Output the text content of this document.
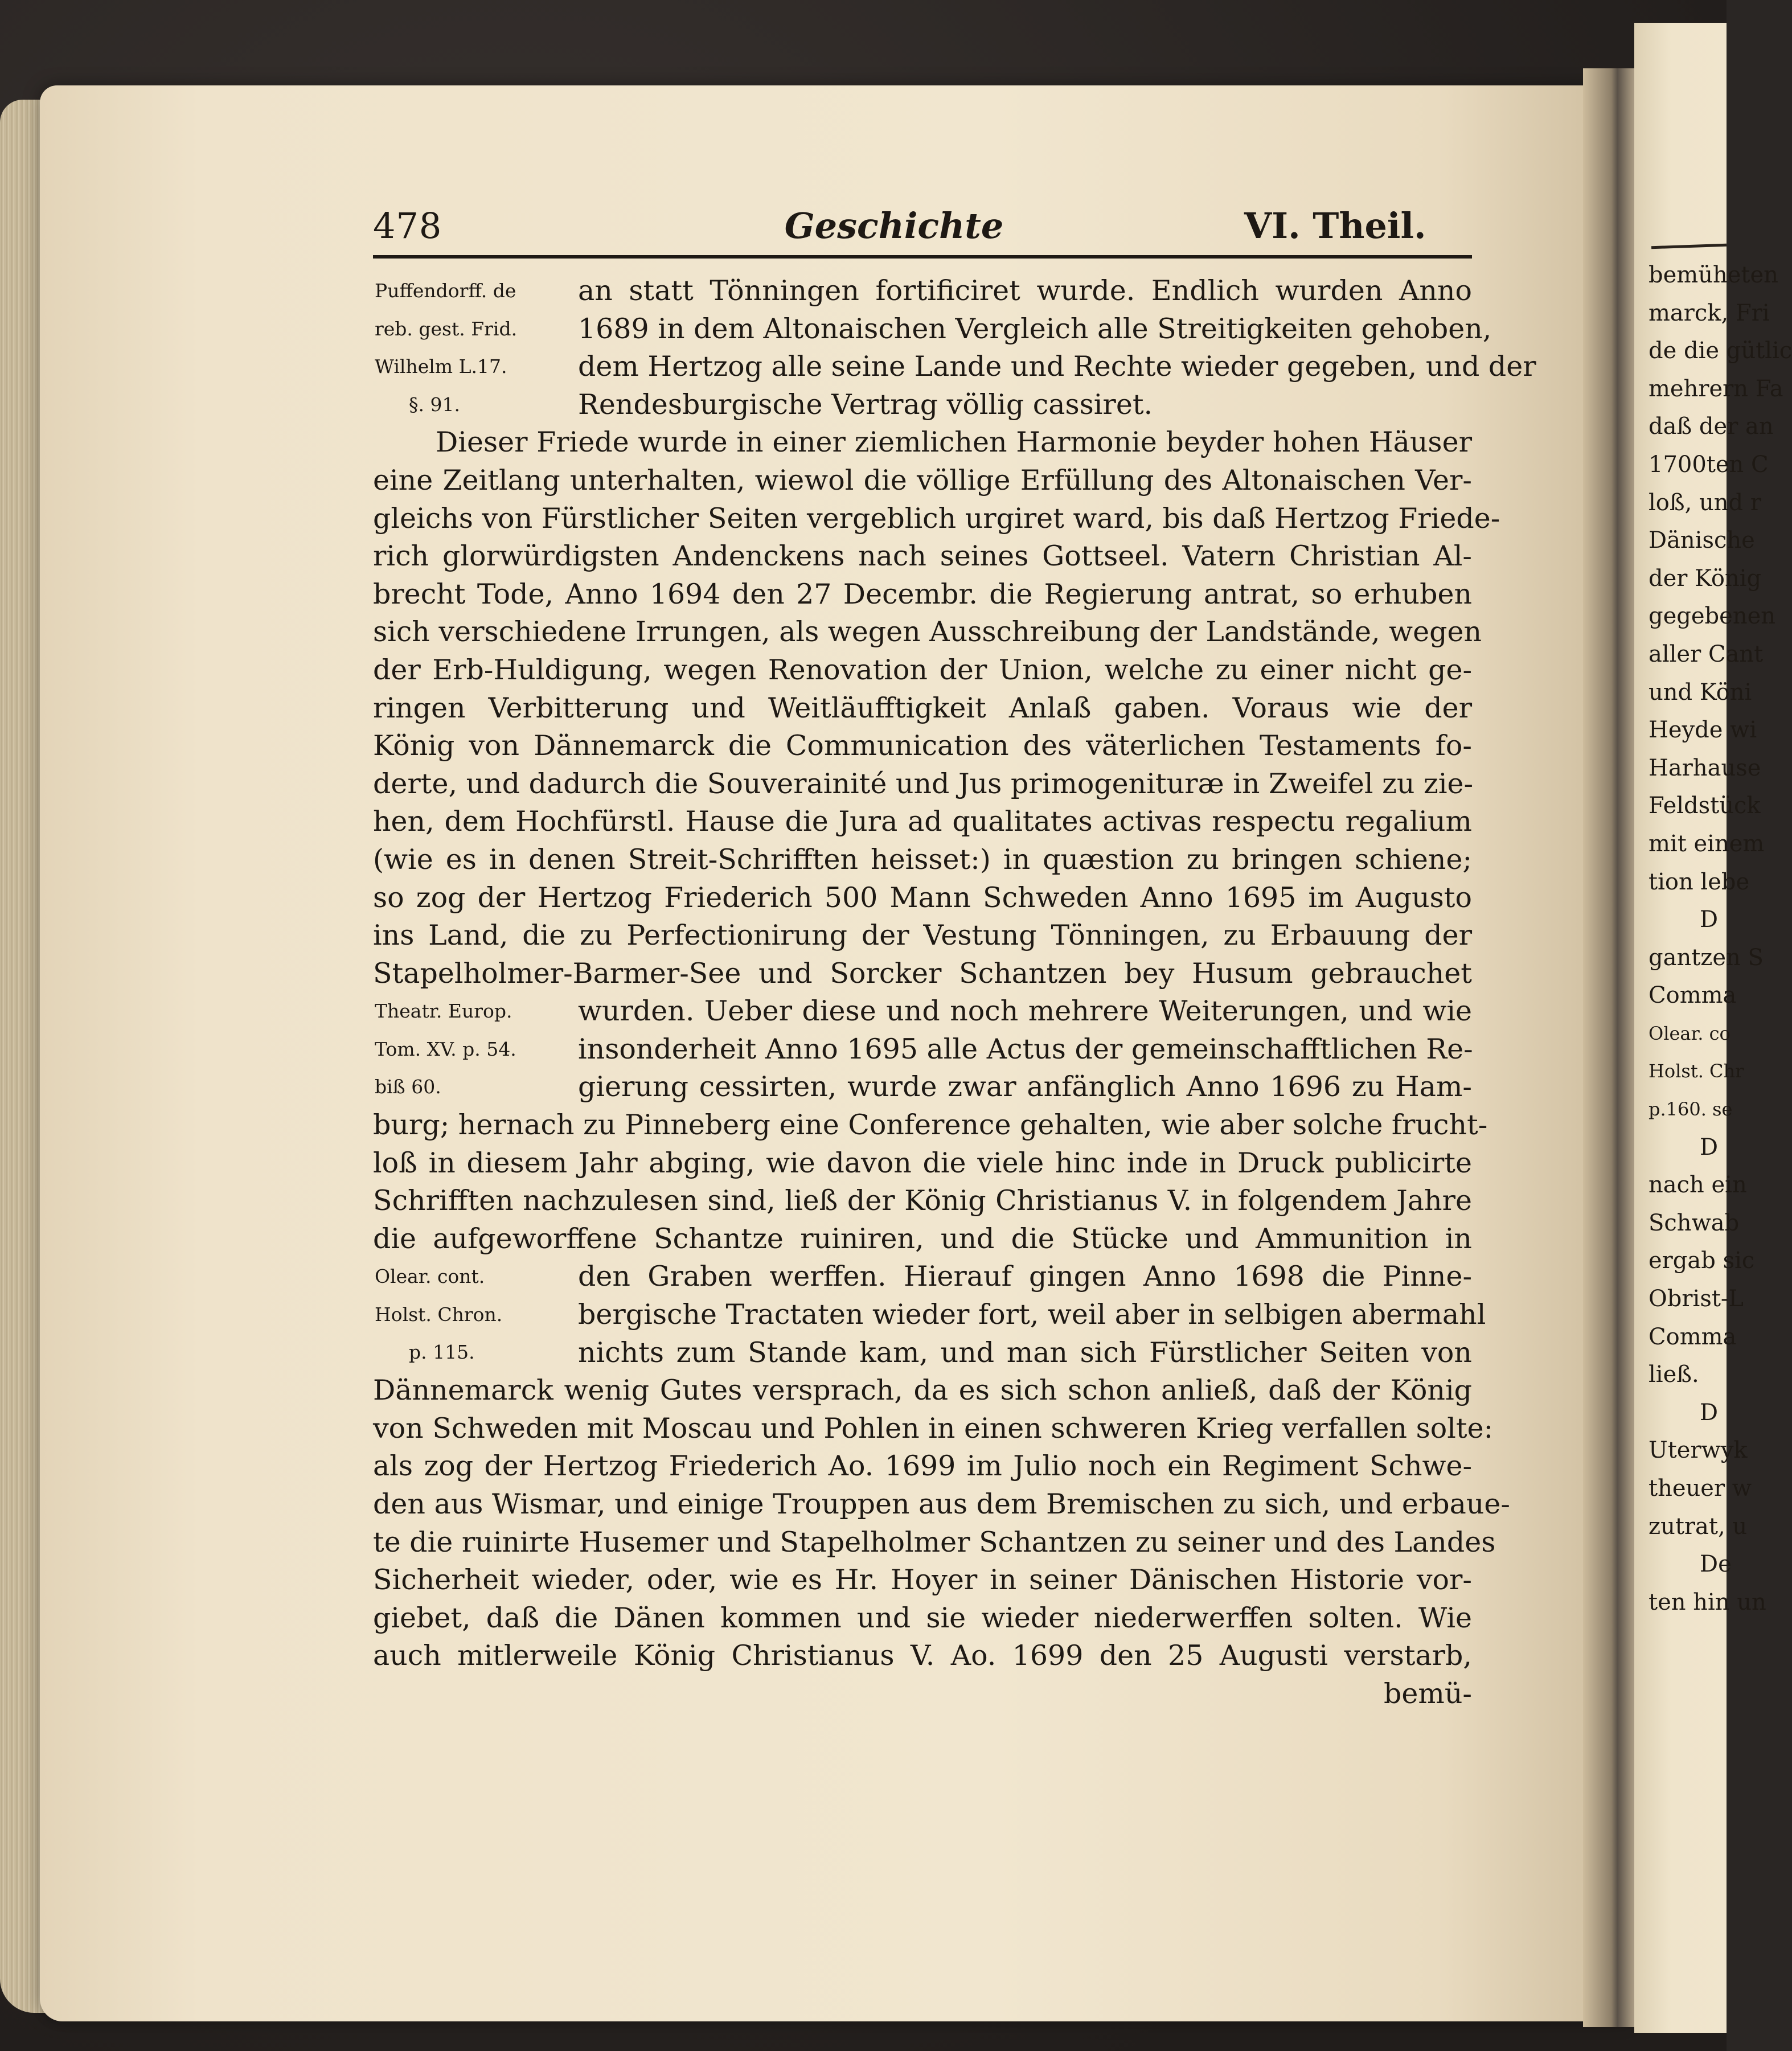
478	Geschichte	VI. Theil.
Puffendorff. de
reb. gest. Frid.
Wilhelm L.17.
§. 91.
Theatr. Europ.
Tom. XV. p. 54.
biß 60.
Olear. cont.
Holst. Chron.
p. 115.
an statt Tönningen fortificiret wurde. Endlich wurden Anno
1689 in dem Altonaischen Vergleich alle Streitigkeiten gehoben,
dem Hertzog alle seine Lande und Rechte wieder gegeben, und der
Rendesburgische Vertrag völlig cassiret.
Dieser Friede wurde in einer ziemlichen Harmonie beyder hohen Häuser
eine Zeitlang unterhalten, wiewol die völlige Erfüllung des Altonaischen Ver-
gleichs von Fürstlicher Seiten vergeblich urgiret ward, bis daß Hertzog Friede-
rich glorwürdigsten Andenckens nach seines Gottseel. Vatern Christian Al-
brecht Tode, Anno 1694 den 27 Decembr. die Regierung antrat, so erhuben
sich verschiedene Irrungen, als wegen Ausschreibung der Landstände, wegen
der Erb-Huldigung, wegen Renovation der Union, welche zu einer nicht ge-
ringen Verbitterung und Weitläufftigkeit Anlaß gaben. Voraus wie der
König von Dännemarck die Communication des väterlichen Testaments fo-
derte, und dadurch die Souverainité und Jus primogenituræ in Zweifel zu zie-
hen, dem Hochfürstl. Hause die Jura ad qualitates activas respectu regalium
(wie es in denen Streit-Schrifften heisset:) in quæstion zu bringen schiene;
so zog der Hertzog Friederich 500 Mann Schweden Anno 1695 im Augusto
ins Land, die zu Perfectionirung der Vestung Tönningen, zu Erbauung der
Stapelholmer-Barmer-See und Sorcker Schantzen bey Husum gebrauchet
wurden. Ueber diese und noch mehrere Weiterungen, und wie
insonderheit Anno 1695 alle Actus der gemeinschafftlichen Re-
gierung cessirten, wurde zwar anfänglich Anno 1696 zu Ham-
burg; hernach zu Pinneberg eine Conference gehalten, wie aber solche frucht-
loß in diesem Jahr abging, wie davon die viele hinc inde in Druck publicirte
Schrifften nachzulesen sind, ließ der König Christianus V. in folgendem Jahre
die aufgeworffene Schantze ruiniren, und die Stücke und Ammunition in
den Graben werffen. Hierauf gingen Anno 1698 die Pinne-
bergische Tractaten wieder fort, weil aber in selbigen abermahl
nichts zum Stande kam, und man sich Fürstlicher Seiten von
Dännemarck wenig Gutes versprach, da es sich schon anließ, daß der König
von Schweden mit Moscau und Pohlen in einen schweren Krieg verfallen solte:
als zog der Hertzog Friederich Ao. 1699 im Julio noch ein Regiment Schwe-
den aus Wismar, und einige Trouppen aus dem Bremischen zu sich, und erbaue-
te die ruinirte Husemer und Stapelholmer Schantzen zu seiner und des Landes
Sicherheit wieder, oder, wie es Hr. Hoyer in seiner Dänischen Historie vor-
giebet, daß die Dänen kommen und sie wieder niederwerffen solten. Wie
auch mitlerweile König Christianus V. Ao. 1699 den 25 Augusti verstarb,
bemü-
bemüheten
marck, Fri
de die gütlic
mehrern Fa
daß der an
1700ten C
loß, und r
Dänische
der König
gegebenen
aller Cant
und Köni
Heyde wi
Harhause
Feldstück
mit einem
tion lebe
D
gantzen S
Comma
Olear. co
Holst. Chr
p.160. se
D
nach ein
Schwab
ergab sic
Obrist-L
Comma
ließ.
D
Uterwyk
theuer w
zutrat, u
De
ten hin un
